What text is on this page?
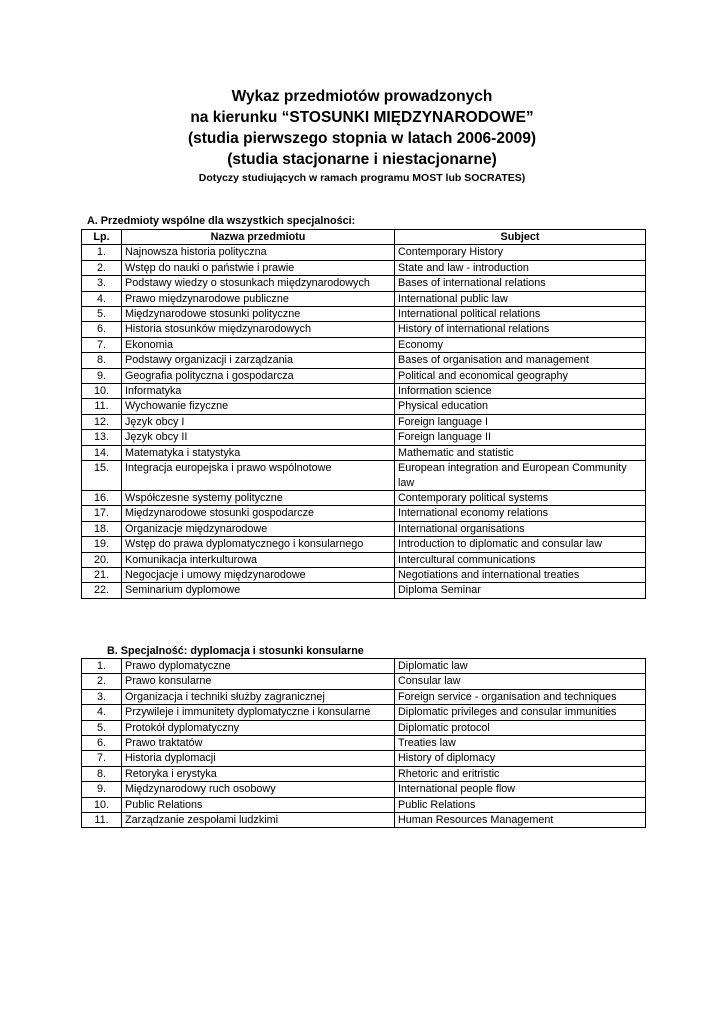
Wykaz przedmiotów prowadzonych
na kierunku “STOSUNKI MIĘDZYNARODOWE”
(studia pierwszego stopnia w latach 2006-2009)
(studia stacjonarne i niestacjonarne)
Dotyczy studiujących w ramach programu MOST lub SOCRATES)
A. Przedmioty wspólne dla wszystkich specjalności:
Lp.	Nazwa przedmiotu	Subject
1.	Najnowsza historia polityczna	Contemporary History
2.	Wstęp do nauki o państwie i prawie	State and law - introduction
3.	Podstawy wiedzy o stosunkach międzynarodowych	Bases of international relations
4.	Prawo międzynarodowe publiczne	International public law
5.	Międzynarodowe stosunki polityczne	International political relations
6.	Historia stosunków międzynarodowych	History of international relations
7.	Ekonomia	Economy
8.	Podstawy organizacji i zarządzania	Bases of organisation and management
9.	Geografia polityczna i gospodarcza	Political and economical geography
10.	Informatyka	Information science
11.	Wychowanie fizyczne	Physical education
12.	Język obcy I	Foreign language I
13.	Język obcy II	Foreign language II
14.	Matematyka i statystyka	Mathematic and statistic
15.	Integracja europejska i prawo wspólnotowe	European integration and European Community law
16.	Współczesne systemy polityczne	Contemporary political systems
17.	Międzynarodowe stosunki gospodarcze	International economy relations
18.	Organizacje międzynarodowe	International organisations
19.	Wstęp do prawa dyplomatycznego i konsularnego	Introduction to diplomatic and consular law
20.	Komunikacja interkulturowa	Intercultural communications
21.	Negocjacje i umowy międzynarodowe	Negotiations and international treaties
22.	Seminarium dyplomowe	Diploma Seminar
B. Specjalność: dyplomacja i stosunki konsularne
1.	Prawo dyplomatyczne	Diplomatic law
2.	Prawo konsularne	Consular law
3.	Organizacja i techniki służby zagranicznej	Foreign service - organisation and techniques
4.	Przywileje i immunitety dyplomatyczne i konsularne	Diplomatic privileges and consular immunities
5.	Protokół dyplomatyczny	Diplomatic protocol
6.	Prawo traktatów	Treaties law
7.	Historia dyplomacji	History of diplomacy
8.	Retoryka i erystyka	Rhetoric and eritristic
9.	Międzynarodowy ruch osobowy	International people flow
10.	Public Relations	Public Relations
11.	Zarządzanie zespołami ludzkimi	Human Resources Management
